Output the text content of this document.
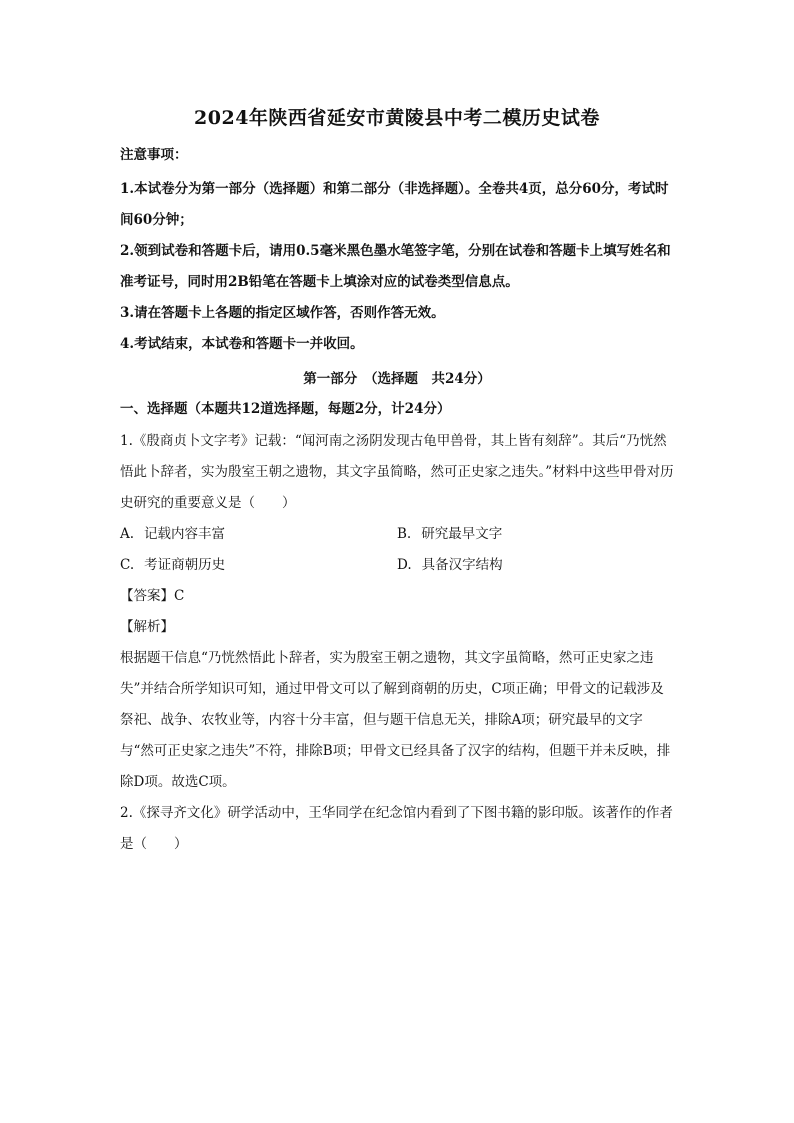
2024年陕西省延安市黄陵县中考二模历史试卷

注意事项：

1.本试卷分为第一部分（选择题）和第二部分（非选择题）。全卷共4页，总分60分，考试时间60分钟；

2.领到试卷和答题卡后，请用0.5毫米黑色墨水笔签字笔，分别在试卷和答题卡上填写姓名和准考证号，同时用2B铅笔在答题卡上填涂对应的试卷类型信息点。

3.请在答题卡上各题的指定区域作答，否则作答无效。

4.考试结束，本试卷和答题卡一并收回。

第一部分　（选择题　共24分）

一、选择题（本题共12道选择题，每题2分，计24分）

1.《殷商贞卜文字考》记载：“闻河南之汤阴发现古龟甲兽骨，其上皆有刻辞”。其后“乃恍然悟此卜辞者，实为殷室王朝之遗物，其文字虽简略，然可正史家之违失。”材料中这些甲骨对历史研究的重要意义是（　　）

A. 记载内容丰富	B. 研究最早文字
C. 考证商朝历史	D. 具备汉字结构

【答案】C

【解析】

根据题干信息“乃恍然悟此卜辞者，实为殷室王朝之遗物，其文字虽简略，然可正史家之违失”并结合所学知识可知，通过甲骨文可以了解到商朝的历史，C项正确；甲骨文的记载涉及祭祀、战争、农牧业等，内容十分丰富，但与题干信息无关，排除A项；研究最早的文字与“然可正史家之违失”不符，排除B项；甲骨文已经具备了汉字的结构，但题干并未反映，排除D项。故选C项。

2.《探寻齐文化》研学活动中，王华同学在纪念馆内看到了下图书籍的影印版。该著作的作者是（　　）
